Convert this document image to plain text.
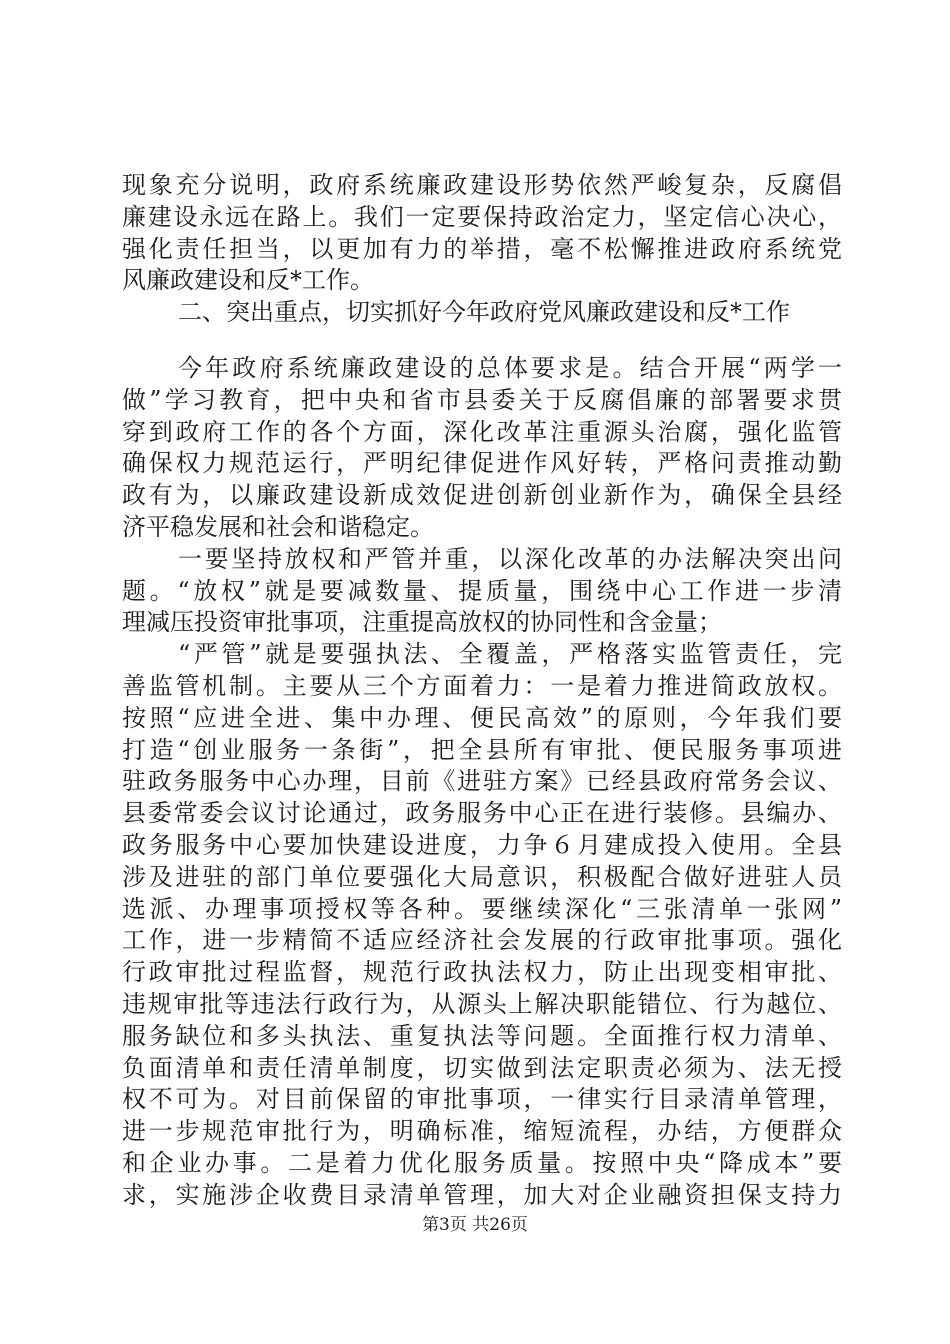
现象充分说明，政府系统廉政建设形势依然严峻复杂，反腐倡
廉建设永远在路上。我们一定要保持政治定力，坚定信心决心，
强化责任担当，以更加有力的举措，毫不松懈推进政府系统党
风廉政建设和反*工作。
二、突出重点，切实抓好今年政府党风廉政建设和反*工作
今年政府系统廉政建设的总体要求是。结合开展“两学一
做”学习教育，把中央和省市县委关于反腐倡廉的部署要求贯
穿到政府工作的各个方面，深化改革注重源头治腐，强化监管
确保权力规范运行，严明纪律促进作风好转，严格问责推动勤
政有为，以廉政建设新成效促进创新创业新作为，确保全县经
济平稳发展和社会和谐稳定。
一要坚持放权和严管并重，以深化改革的办法解决突出问
题。“放权”就是要减数量、提质量，围绕中心工作进一步清
理减压投资审批事项，注重提高放权的协同性和含金量；
“严管”就是要强执法、全覆盖，严格落实监管责任，完
善监管机制。主要从三个方面着力：一是着力推进简政放权。
按照“应进全进、集中办理、便民高效”的原则，今年我们要
打造“创业服务一条街”，把全县所有审批、便民服务事项进
驻政务服务中心办理，目前《进驻方案》已经县政府常务会议、
县委常委会议讨论通过，政务服务中心正在进行装修。县编办、
政务服务中心要加快建设进度，力争６月建成投入使用。全县
涉及进驻的部门单位要强化大局意识，积极配合做好进驻人员
选派、办理事项授权等各种。要继续深化“三张清单一张网”
工作，进一步精简不适应经济社会发展的行政审批事项。强化
行政审批过程监督，规范行政执法权力，防止出现变相审批、
违规审批等违法行政行为，从源头上解决职能错位、行为越位、
服务缺位和多头执法、重复执法等问题。全面推行权力清单、
负面清单和责任清单制度，切实做到法定职责必须为、法无授
权不可为。对目前保留的审批事项，一律实行目录清单管理，
进一步规范审批行为，明确标准，缩短流程，办结，方便群众
和企业办事。二是着力优化服务质量。按照中央“降成本”要
求，实施涉企收费目录清单管理，加大对企业融资担保支持力
第3页 共26页
